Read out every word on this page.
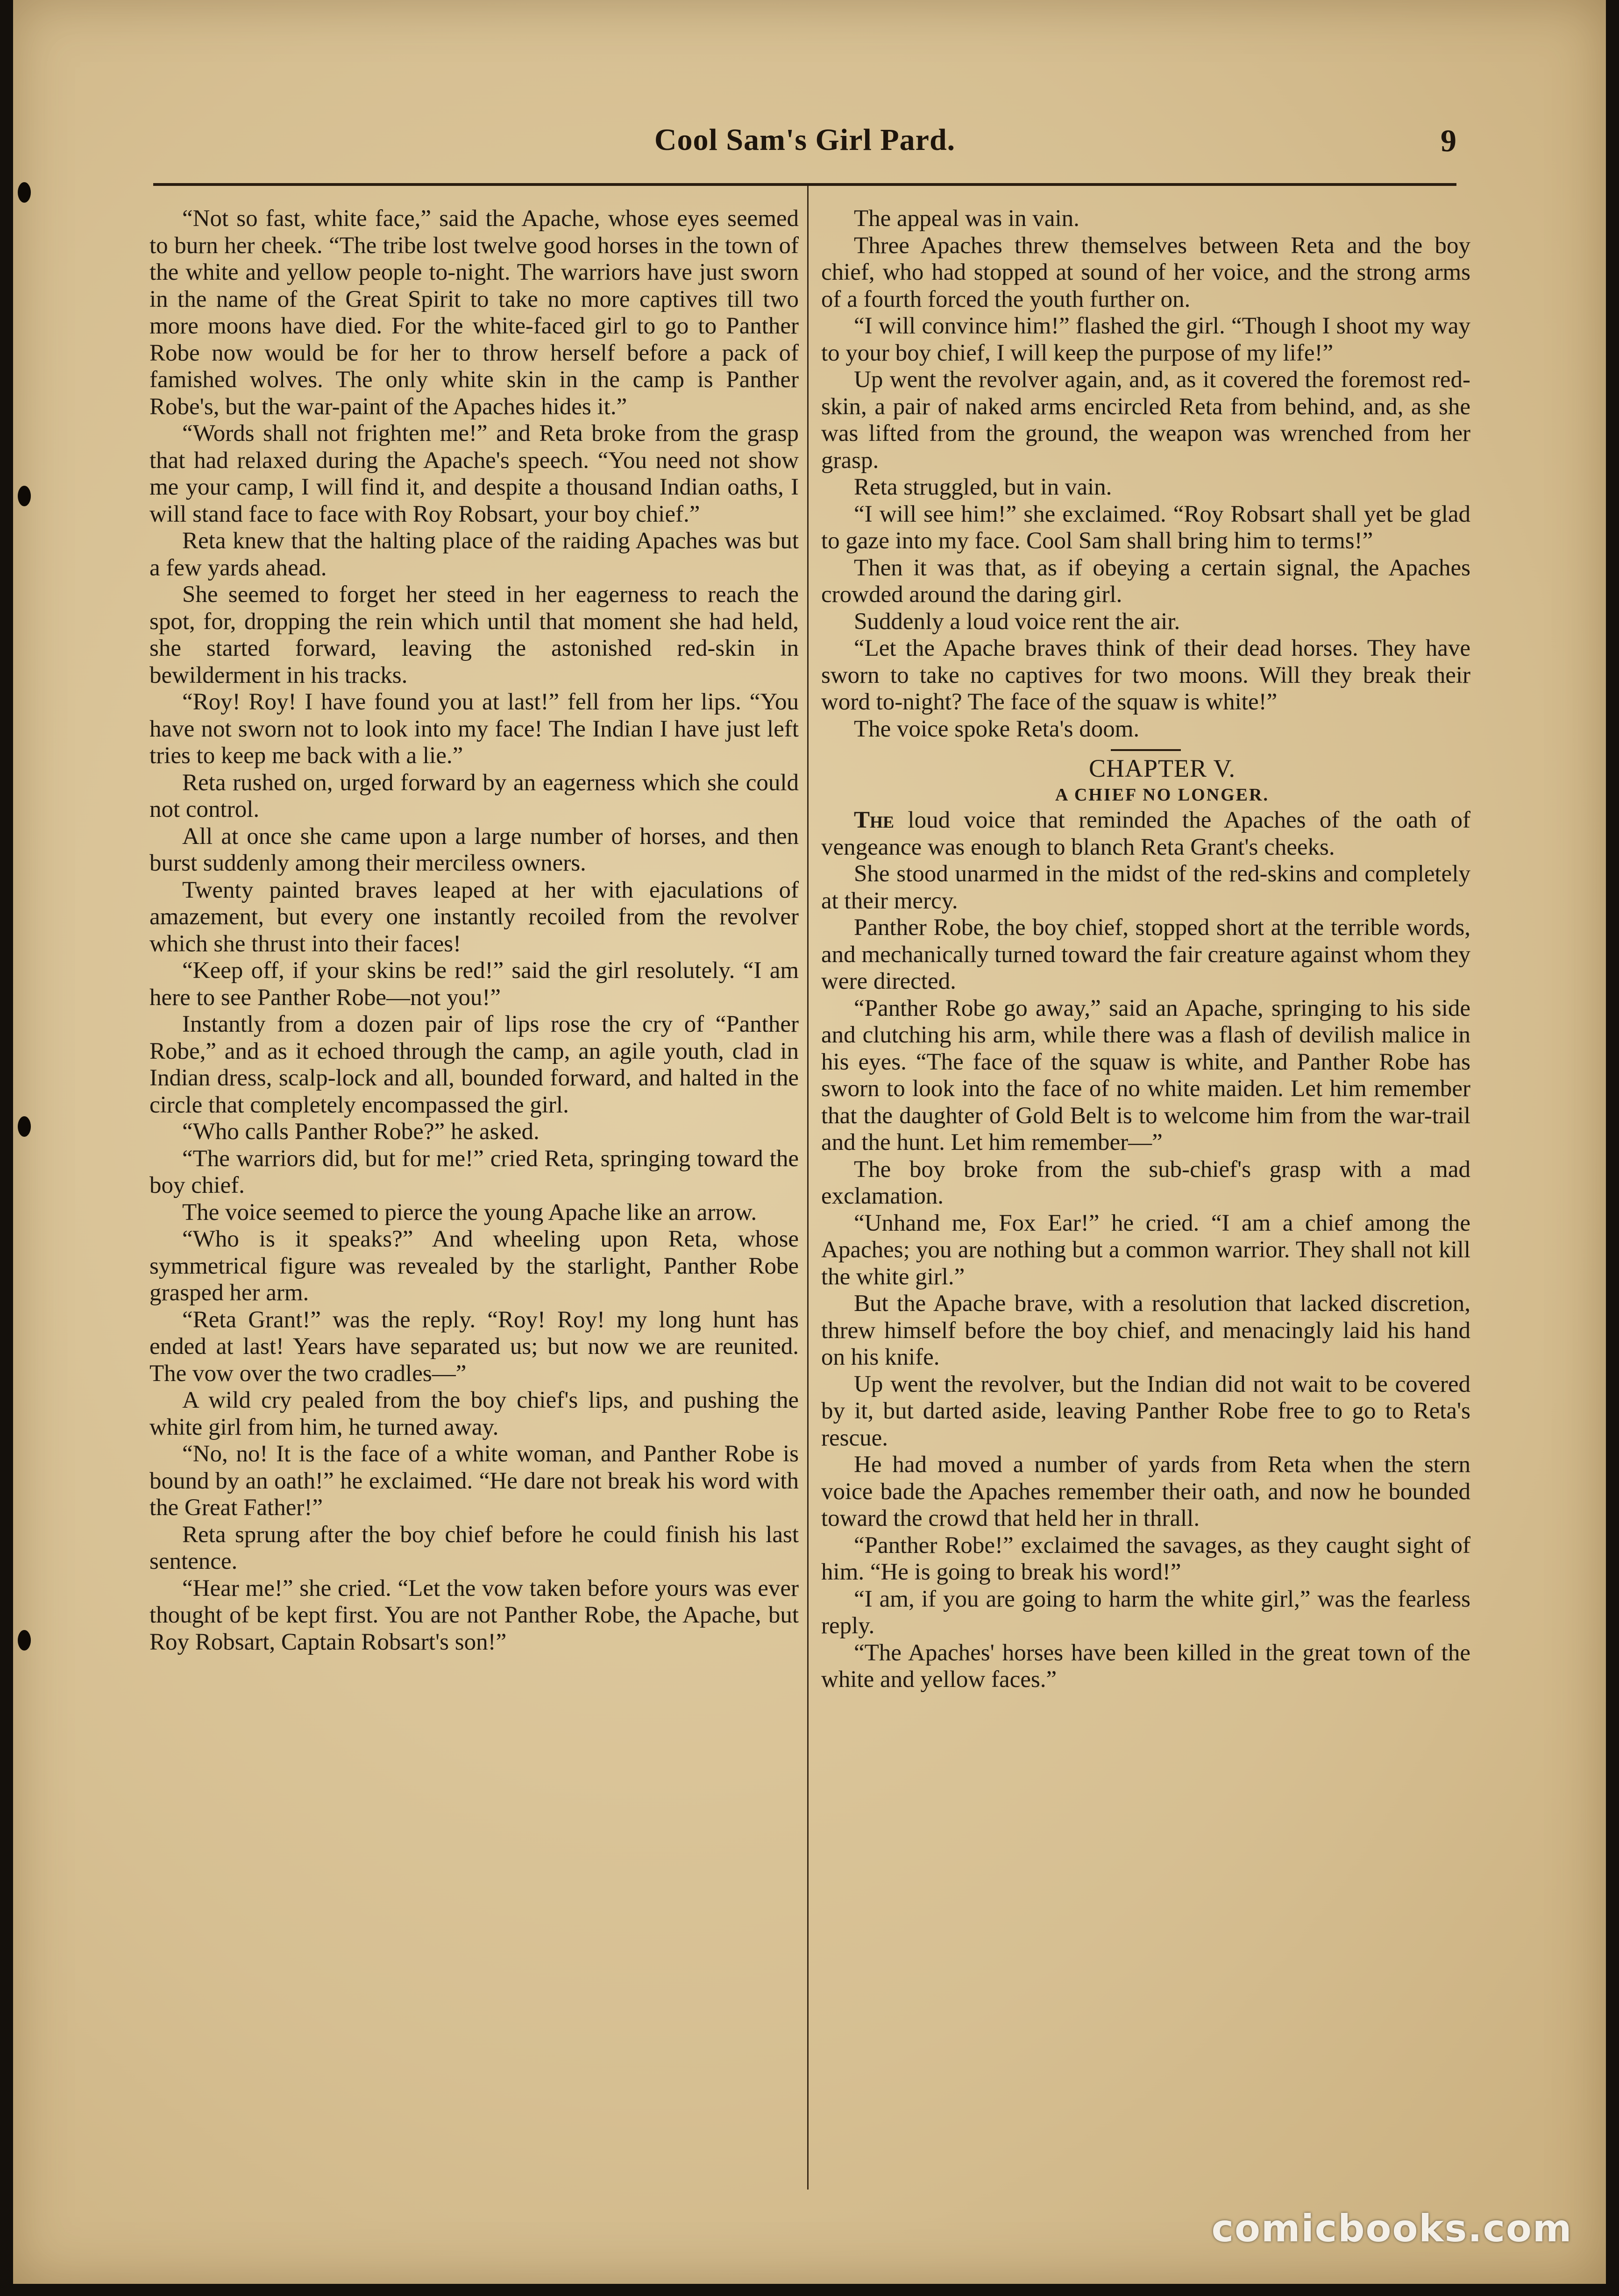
Cool Sam's Girl Pard.	9

“Not so fast, white face,” said the Apache, whose eyes seemed to burn her cheek. “The tribe lost twelve good horses in the town of the white and yellow people to-night. The warriors have just sworn in the name of the Great Spirit to take no more captives till two more moons have died. For the white-faced girl to go to Panther Robe now would be for her to throw herself before a pack of famished wolves. The only white skin in the camp is Panther Robe's, but the war-paint of the Apaches hides it.”

“Words shall not frighten me!” and Reta broke from the grasp that had relaxed during the Apache's speech. “You need not show me your camp, I will find it, and despite a thousand Indian oaths, I will stand face to face with Roy Robsart, your boy chief.”

Reta knew that the halting place of the raiding Apaches was but a few yards ahead.

She seemed to forget her steed in her eagerness to reach the spot, for, dropping the rein which until that moment she had held, she started forward, leaving the astonished red-skin in bewilderment in his tracks.

“Roy! Roy! I have found you at last!” fell from her lips. “You have not sworn not to look into my face! The Indian I have just left tries to keep me back with a lie.”

Reta rushed on, urged forward by an eagerness which she could not control.

All at once she came upon a large number of horses, and then burst suddenly among their merciless owners.

Twenty painted braves leaped at her with ejaculations of amazement, but every one instantly recoiled from the revolver which she thrust into their faces!

“Keep off, if your skins be red!” said the girl resolutely. “I am here to see Panther Robe—not you!”

Instantly from a dozen pair of lips rose the cry of “Panther Robe,” and as it echoed through the camp, an agile youth, clad in Indian dress, scalp-lock and all, bounded forward, and halted in the circle that completely encompassed the girl.

“Who calls Panther Robe?” he asked.

“The warriors did, but for me!” cried Reta, springing toward the boy chief.

The voice seemed to pierce the young Apache like an arrow.

“Who is it speaks?” And wheeling upon Reta, whose symmetrical figure was revealed by the starlight, Panther Robe grasped her arm.

“Reta Grant!” was the reply. “Roy! Roy! my long hunt has ended at last! Years have separated us; but now we are reunited. The vow over the two cradles—”

A wild cry pealed from the boy chief's lips, and pushing the white girl from him, he turned away.

“No, no! It is the face of a white woman, and Panther Robe is bound by an oath!” he exclaimed. “He dare not break his word with the Great Father!”

Reta sprung after the boy chief before he could finish his last sentence.

“Hear me!” she cried. “Let the vow taken before yours was ever thought of be kept first. You are not Panther Robe, the Apache, but Roy Robsart, Captain Robsart's son!”

The appeal was in vain.

Three Apaches threw themselves between Reta and the boy chief, who had stopped at sound of her voice, and the strong arms of a fourth forced the youth further on.

“I will convince him!” flashed the girl. “Though I shoot my way to your boy chief, I will keep the purpose of my life!”

Up went the revolver again, and, as it covered the foremost red-skin, a pair of naked arms encircled Reta from behind, and, as she was lifted from the ground, the weapon was wrenched from her grasp.

Reta struggled, but in vain.

“I will see him!” she exclaimed. “Roy Robsart shall yet be glad to gaze into my face. Cool Sam shall bring him to terms!”

Then it was that, as if obeying a certain signal, the Apaches crowded around the daring girl.

Suddenly a loud voice rent the air.

“Let the Apache braves think of their dead horses. They have sworn to take no captives for two moons. Will they break their word to-night? The face of the squaw is white!”

The voice spoke Reta's doom.

CHAPTER V.

A CHIEF NO LONGER.

The loud voice that reminded the Apaches of the oath of vengeance was enough to blanch Reta Grant's cheeks.

She stood unarmed in the midst of the red-skins and completely at their mercy.

Panther Robe, the boy chief, stopped short at the terrible words, and mechanically turned toward the fair creature against whom they were directed.

“Panther Robe go away,” said an Apache, springing to his side and clutching his arm, while there was a flash of devilish malice in his eyes. “The face of the squaw is white, and Panther Robe has sworn to look into the face of no white maiden. Let him remember that the daughter of Gold Belt is to welcome him from the war-trail and the hunt. Let him remember—”

The boy broke from the sub-chief's grasp with a mad exclamation.

“Unhand me, Fox Ear!” he cried. “I am a chief among the Apaches; you are nothing but a common warrior. They shall not kill the white girl.”

But the Apache brave, with a resolution that lacked discretion, threw himself before the boy chief, and menacingly laid his hand on his knife.

Up went the revolver, but the Indian did not wait to be covered by it, but darted aside, leaving Panther Robe free to go to Reta's rescue.

He had moved a number of yards from Reta when the stern voice bade the Apaches remember their oath, and now he bounded toward the crowd that held her in thrall.

“Panther Robe!” exclaimed the savages, as they caught sight of him. “He is going to break his word!”

“I am, if you are going to harm the white girl,” was the fearless reply.

“The Apaches' horses have been killed in the great town of the white and yellow faces.”

comicbooks.com
